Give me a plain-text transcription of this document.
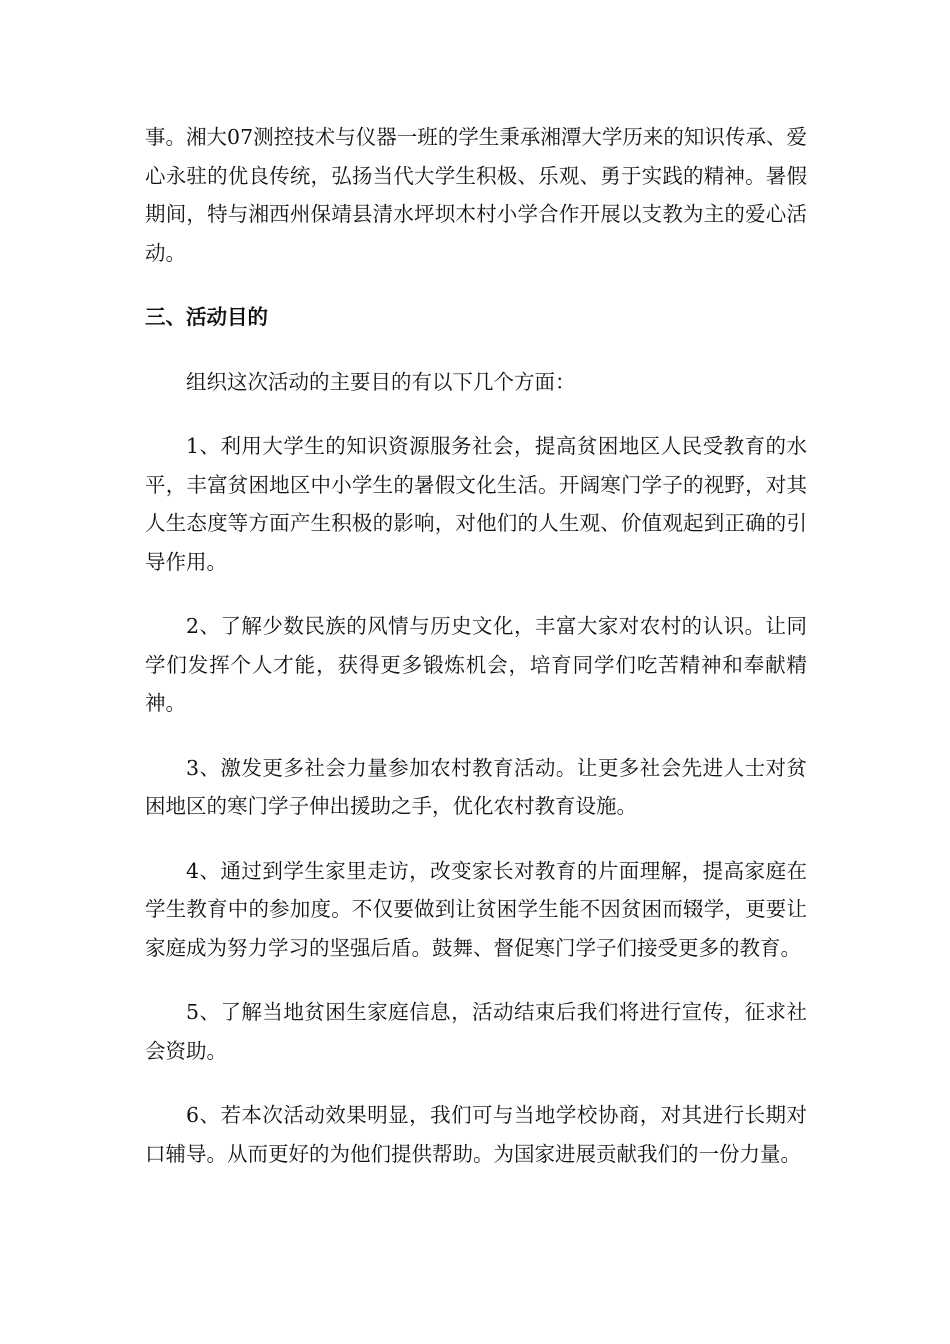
事。湘大07测控技术与仪器一班的学生秉承湘潭大学历来的知识传承、爱心永驻的优良传统，弘扬当代大学生积极、乐观、勇于实践的精神。暑假期间，特与湘西州保靖县清水坪坝木村小学合作开展以支教为主的爱心活动。

三、活动目的

组织这次活动的主要目的有以下几个方面：

1、利用大学生的知识资源服务社会，提高贫困地区人民受教育的水平，丰富贫困地区中小学生的暑假文化生活。开阔寒门学子的视野，对其人生态度等方面产生积极的影响，对他们的人生观、价值观起到正确的引导作用。

2、了解少数民族的风情与历史文化，丰富大家对农村的认识。让同学们发挥个人才能，获得更多锻炼机会，培育同学们吃苦精神和奉献精神。

3、激发更多社会力量参加农村教育活动。让更多社会先进人士对贫困地区的寒门学子伸出援助之手，优化农村教育设施。

4、通过到学生家里走访，改变家长对教育的片面理解，提高家庭在学生教育中的参加度。不仅要做到让贫困学生能不因贫困而辍学，更要让家庭成为努力学习的坚强后盾。鼓舞、督促寒门学子们接受更多的教育。

5、了解当地贫困生家庭信息，活动结束后我们将进行宣传，征求社会资助。

6、若本次活动效果明显，我们可与当地学校协商，对其进行长期对口辅导。从而更好的为他们提供帮助。为国家进展贡献我们的一份力量。
